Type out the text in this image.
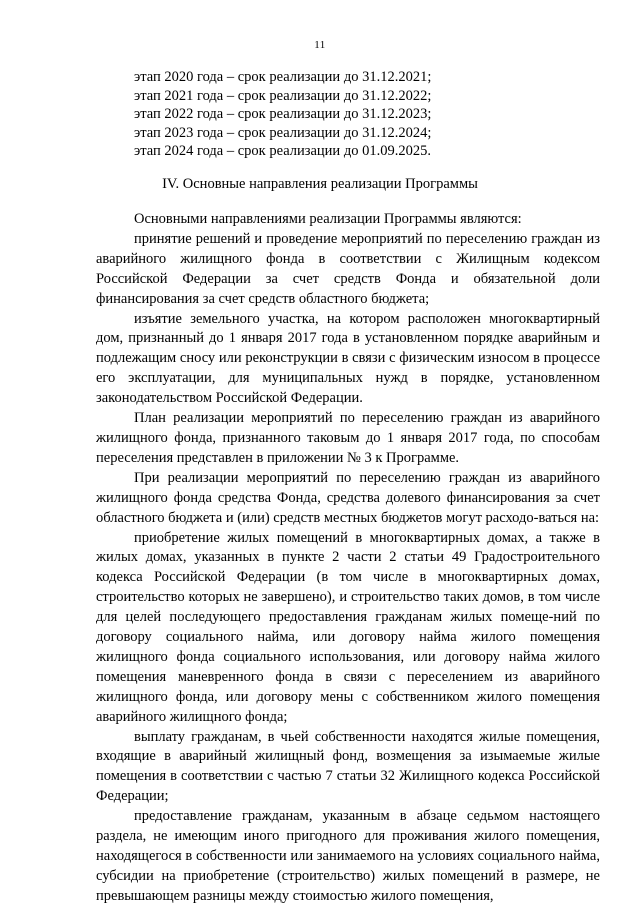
11
этап 2020 года – срок реализации до 31.12.2021;
этап 2021 года – срок реализации до 31.12.2022;
этап 2022 года – срок реализации до 31.12.2023;
этап 2023 года – срок реализации до 31.12.2024;
этап 2024 года – срок реализации до 01.09.2025.
IV. Основные направления реализации Программы

Основными направлениями реализации Программы являются:

принятие решений и проведение мероприятий по переселению граждан из аварийного жилищного фонда в соответствии с Жилищным кодексом Российской Федерации за счет средств Фонда и обязательной доли финансирования за счет средств областного бюджета;

изъятие земельного участка, на котором расположен многоквартирный дом, признанный до 1 января 2017 года в установленном порядке аварийным и подлежащим сносу или реконструкции в связи с физическим износом в процессе его эксплуатации, для муниципальных нужд в порядке, установленном законодательством Российской Федерации.

План реализации мероприятий по переселению граждан из аварийного жилищного фонда, признанного таковым до 1 января 2017 года, по способам переселения представлен в приложении № 3 к Программе.

При реализации мероприятий по переселению граждан из аварийного жилищного фонда средства Фонда, средства долевого финансирования за счет областного бюджета и (или) средств местных бюджетов могут расходо-ваться на:

приобретение жилых помещений в многоквартирных домах, а также в жилых домах, указанных в пункте 2 части 2 статьи 49 Градостроительного кодекса Российской Федерации (в том числе в многоквартирных домах, строительство которых не завершено), и строительство таких домов, в том числе для целей последующего предоставления гражданам жилых помеще-ний по договору социального найма, или договору найма жилого помещения жилищного фонда социального использования, или договору найма жилого помещения маневренного фонда в связи с переселением из аварийного жилищного фонда, или договору мены с собственником жилого помещения аварийного жилищного фонда;

выплату гражданам, в чьей собственности находятся жилые помещения, входящие в аварийный жилищный фонд, возмещения за изымаемые жилые помещения в соответствии с частью 7 статьи 32 Жилищного кодекса Российской Федерации;

предоставление гражданам, указанным в абзаце седьмом настоящего раздела, не имеющим иного пригодного для проживания жилого помещения, находящегося в собственности или занимаемого на условиях социального найма, субсидии на приобретение (строительство) жилых помещений в размере, не превышающем разницы между стоимостью жилого помещения,
